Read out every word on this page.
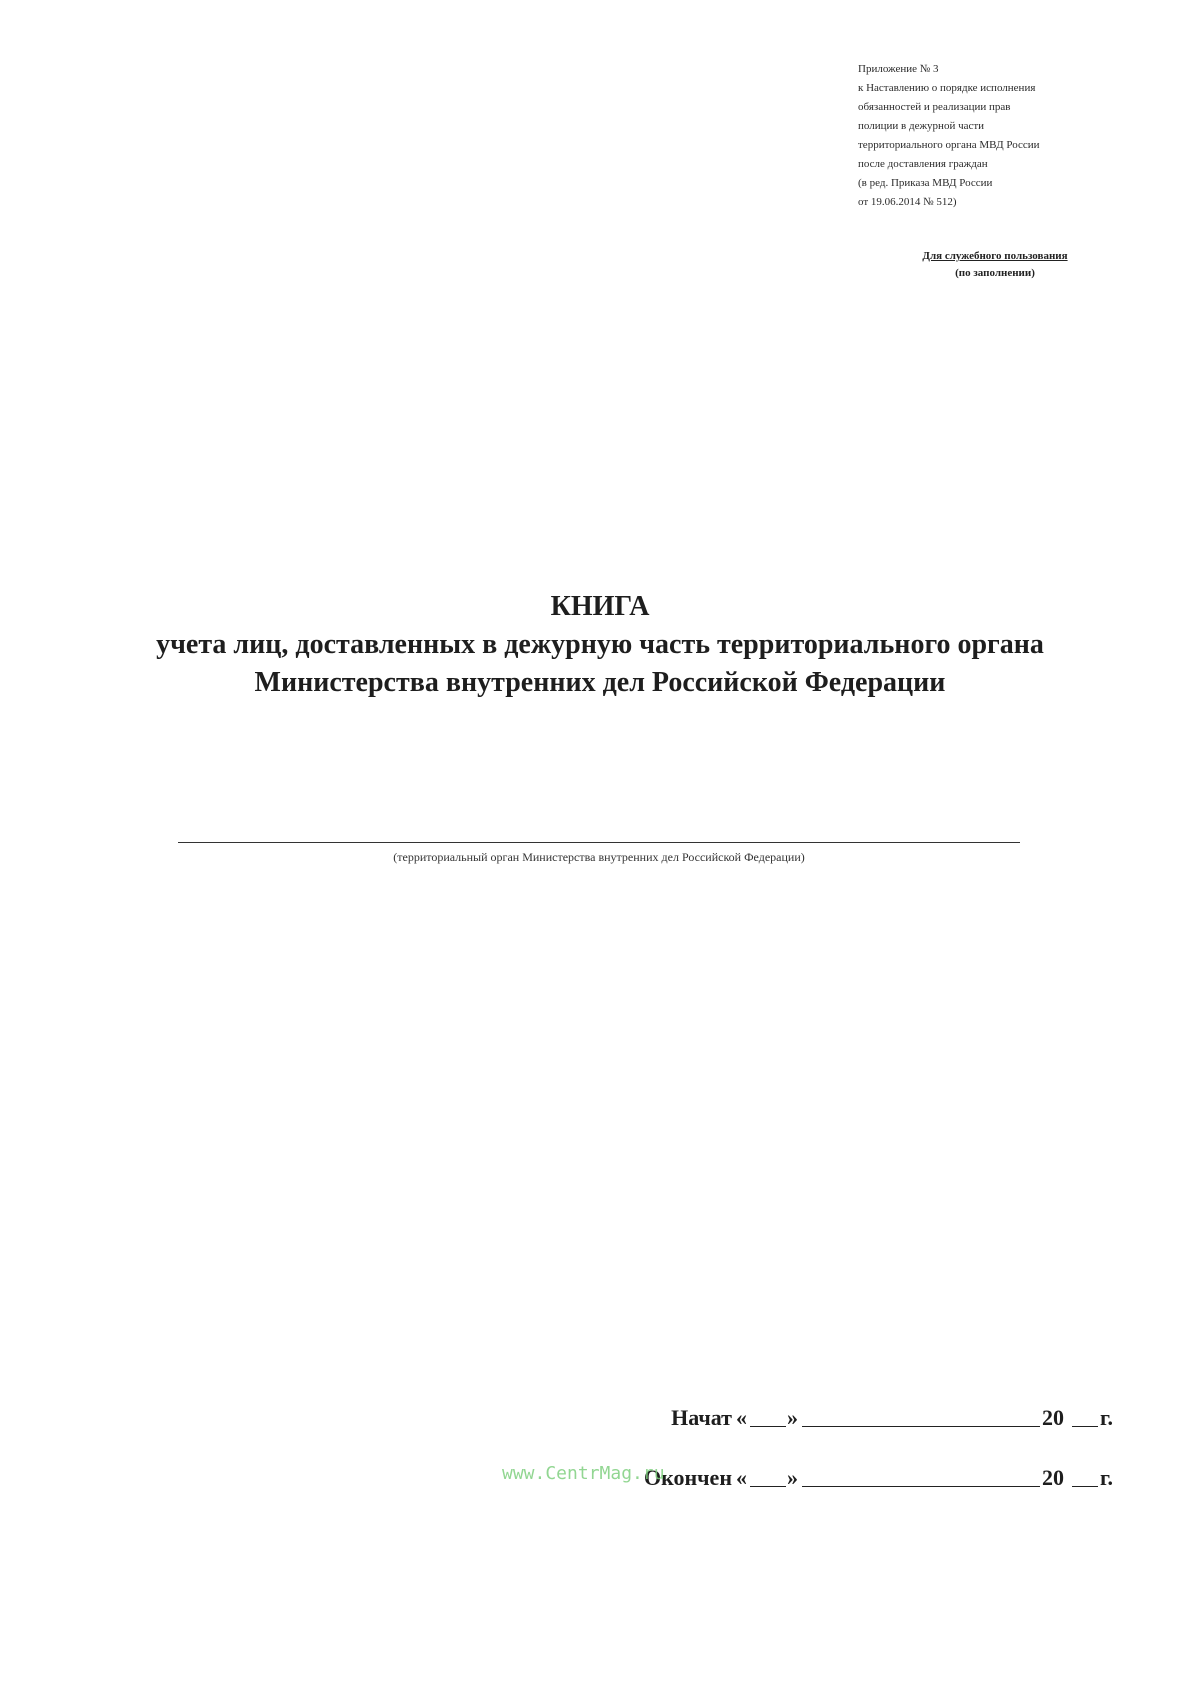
Приложение № 3
к Наставлению о порядке исполнения
обязанностей и реализации прав
полиции в дежурной части
территориального органа МВД России
после доставления граждан
(в ред. Приказа МВД России
от 19.06.2014 № 512)
Для служебного пользования
(по заполнении)
КНИГА
учета лиц, доставленных в дежурную часть территориального органа
Министерства внутренних дел Российской Федерации
(территориальный орган Министерства внутренних дел Российской Федерации)
Начат « »	20 г.
Окончен « »	20 г.
www.CentrMag.ru
